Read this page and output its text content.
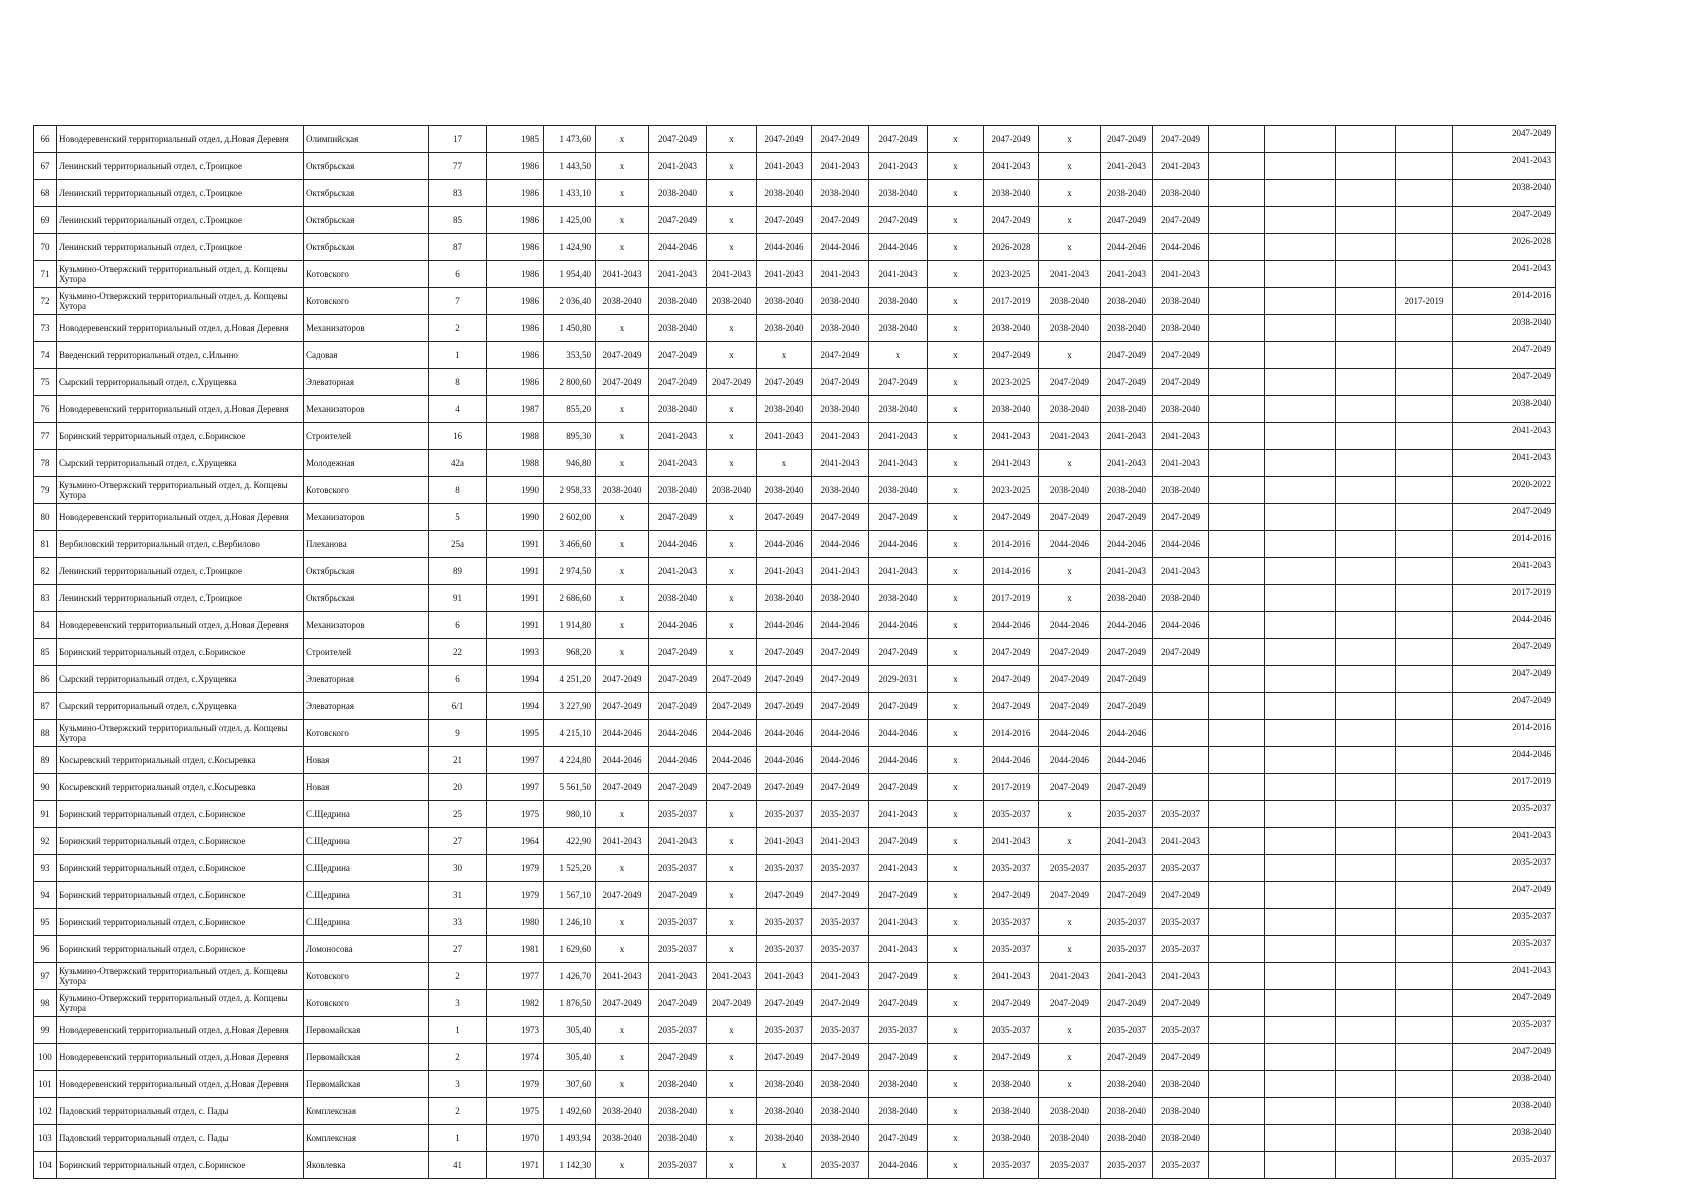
66	Новодеревенский территориальный отдел, д.Новая Деревня	Олимпийская	17	1985	1 473,60	х	2047-2049	х	2047-2049	2047-2049	2047-2049	х	2047-2049	х	2047-2049	2047-2049					2047-2049
67	Ленинский территориальный отдел, с.Троицкое	Октябрьская	77	1986	1 443,50	х	2041-2043	х	2041-2043	2041-2043	2041-2043	х	2041-2043	х	2041-2043	2041-2043					2041-2043
68	Ленинский территориальный отдел, с.Троицкое	Октябрьская	83	1986	1 433,10	х	2038-2040	х	2038-2040	2038-2040	2038-2040	х	2038-2040	х	2038-2040	2038-2040					2038-2040
69	Ленинский территориальный отдел, с.Троицкое	Октябрьская	85	1986	1 425,00	х	2047-2049	х	2047-2049	2047-2049	2047-2049	х	2047-2049	х	2047-2049	2047-2049					2047-2049
70	Ленинский территориальный отдел, с.Троицкое	Октябрьская	87	1986	1 424,90	х	2044-2046	х	2044-2046	2044-2046	2044-2046	х	2026-2028	х	2044-2046	2044-2046					2026-2028
71	Кузьмино-Отвержский территориальный отдел, д. Копцевы Хутора	Котовского	6	1986	1 954,40	2041-2043	2041-2043	2041-2043	2041-2043	2041-2043	2041-2043	х	2023-2025	2041-2043	2041-2043	2041-2043					2041-2043
72	Кузьмино-Отвержский территориальный отдел, д. Копцевы Хутора	Котовского	7	1986	2 036,40	2038-2040	2038-2040	2038-2040	2038-2040	2038-2040	2038-2040	х	2017-2019	2038-2040	2038-2040	2038-2040				2017-2019	2014-2016
73	Новодеревенский территориальный отдел, д.Новая Деревня	Механизаторов	2	1986	1 450,80	х	2038-2040	х	2038-2040	2038-2040	2038-2040	х	2038-2040	2038-2040	2038-2040	2038-2040					2038-2040
74	Введенский территориальный отдел, с.Ильино	Садовая	1	1986	353,50	2047-2049	2047-2049	х	х	2047-2049	х	х	2047-2049	х	2047-2049	2047-2049					2047-2049
75	Сырский территориальный отдел, с.Хрущевка	Элеваторная	8	1986	2 800,60	2047-2049	2047-2049	2047-2049	2047-2049	2047-2049	2047-2049	х	2023-2025	2047-2049	2047-2049	2047-2049					2047-2049
76	Новодеревенский территориальный отдел, д.Новая Деревня	Механизаторов	4	1987	855,20	х	2038-2040	х	2038-2040	2038-2040	2038-2040	х	2038-2040	2038-2040	2038-2040	2038-2040					2038-2040
77	Боринский территориальный отдел, с.Боринское	Строителей	16	1988	895,30	х	2041-2043	х	2041-2043	2041-2043	2041-2043	х	2041-2043	2041-2043	2041-2043	2041-2043					2041-2043
78	Сырский территориальный отдел, с.Хрущевка	Молодежная	42а	1988	946,80	х	2041-2043	х	х	2041-2043	2041-2043	х	2041-2043	х	2041-2043	2041-2043					2041-2043
79	Кузьмино-Отвержский территориальный отдел, д. Копцевы Хутора	Котовского	8	1990	2 958,33	2038-2040	2038-2040	2038-2040	2038-2040	2038-2040	2038-2040	х	2023-2025	2038-2040	2038-2040	2038-2040					2020-2022
80	Новодеревенский территориальный отдел, д.Новая Деревня	Механизаторов	5	1990	2 602,00	х	2047-2049	х	2047-2049	2047-2049	2047-2049	х	2047-2049	2047-2049	2047-2049	2047-2049					2047-2049
81	Вербиловский территориальный отдел, с.Вербилово	Плеханова	25а	1991	3 466,60	х	2044-2046	х	2044-2046	2044-2046	2044-2046	х	2014-2016	2044-2046	2044-2046	2044-2046					2014-2016
82	Ленинский территориальный отдел, с.Троицкое	Октябрьская	89	1991	2 974,50	х	2041-2043	х	2041-2043	2041-2043	2041-2043	х	2014-2016	х	2041-2043	2041-2043					2041-2043
83	Ленинский территориальный отдел, с.Троицкое	Октябрьская	91	1991	2 686,60	х	2038-2040	х	2038-2040	2038-2040	2038-2040	х	2017-2019	х	2038-2040	2038-2040					2017-2019
84	Новодеревенский территориальный отдел, д.Новая Деревня	Механизаторов	6	1991	1 914,80	х	2044-2046	х	2044-2046	2044-2046	2044-2046	х	2044-2046	2044-2046	2044-2046	2044-2046					2044-2046
85	Боринский территориальный отдел, с.Боринское	Строителей	22	1993	968,20	х	2047-2049	х	2047-2049	2047-2049	2047-2049	х	2047-2049	2047-2049	2047-2049	2047-2049					2047-2049
86	Сырский территориальный отдел, с.Хрущевка	Элеваторная	6	1994	4 251,20	2047-2049	2047-2049	2047-2049	2047-2049	2047-2049	2029-2031	х	2047-2049	2047-2049	2047-2049						2047-2049
87	Сырский территориальный отдел, с.Хрущевка	Элеваторная	6/1	1994	3 227,90	2047-2049	2047-2049	2047-2049	2047-2049	2047-2049	2047-2049	х	2047-2049	2047-2049	2047-2049						2047-2049
88	Кузьмино-Отвержский территориальный отдел, д. Копцевы Хутора	Котовского	9	1995	4 215,10	2044-2046	2044-2046	2044-2046	2044-2046	2044-2046	2044-2046	х	2014-2016	2044-2046	2044-2046						2014-2016
89	Косыревский территориальный отдел, с.Косыревка	Новая	21	1997	4 224,80	2044-2046	2044-2046	2044-2046	2044-2046	2044-2046	2044-2046	х	2044-2046	2044-2046	2044-2046						2044-2046
90	Косыревский территориальный отдел, с.Косыревка	Новая	20	1997	5 561,50	2047-2049	2047-2049	2047-2049	2047-2049	2047-2049	2047-2049	х	2017-2019	2047-2049	2047-2049						2017-2019
91	Боринский территориальный отдел, с.Боринское	С.Щедрина	25	1975	980,10	х	2035-2037	х	2035-2037	2035-2037	2041-2043	х	2035-2037	х	2035-2037	2035-2037					2035-2037
92	Боринский территориальный отдел, с.Боринское	С.Щедрина	27	1964	422,90	2041-2043	2041-2043	х	2041-2043	2041-2043	2047-2049	х	2041-2043	х	2041-2043	2041-2043					2041-2043
93	Боринский территориальный отдел, с.Боринское	С.Щедрина	30	1979	1 525,20	х	2035-2037	х	2035-2037	2035-2037	2041-2043	х	2035-2037	2035-2037	2035-2037	2035-2037					2035-2037
94	Боринский территориальный отдел, с.Боринское	С.Щедрина	31	1979	1 567,10	2047-2049	2047-2049	х	2047-2049	2047-2049	2047-2049	х	2047-2049	2047-2049	2047-2049	2047-2049					2047-2049
95	Боринский территориальный отдел, с.Боринское	С.Щедрина	33	1980	1 246,10	х	2035-2037	х	2035-2037	2035-2037	2041-2043	х	2035-2037	х	2035-2037	2035-2037					2035-2037
96	Боринский территориальный отдел, с.Боринское	Ломоносова	27	1981	1 629,60	х	2035-2037	х	2035-2037	2035-2037	2041-2043	х	2035-2037	х	2035-2037	2035-2037					2035-2037
97	Кузьмино-Отвержский территориальный отдел, д. Копцевы Хутора	Котовского	2	1977	1 426,70	2041-2043	2041-2043	2041-2043	2041-2043	2041-2043	2047-2049	х	2041-2043	2041-2043	2041-2043	2041-2043					2041-2043
98	Кузьмино-Отвержский территориальный отдел, д. Копцевы Хутора	Котовского	3	1982	1 876,50	2047-2049	2047-2049	2047-2049	2047-2049	2047-2049	2047-2049	х	2047-2049	2047-2049	2047-2049	2047-2049					2047-2049
99	Новодеревенский территориальный отдел, д.Новая Деревня	Первомайская	1	1973	305,40	х	2035-2037	х	2035-2037	2035-2037	2035-2037	х	2035-2037	х	2035-2037	2035-2037					2035-2037
100	Новодеревенский территориальный отдел, д.Новая Деревня	Первомайская	2	1974	305,40	х	2047-2049	х	2047-2049	2047-2049	2047-2049	х	2047-2049	х	2047-2049	2047-2049					2047-2049
101	Новодеревенский территориальный отдел, д.Новая Деревня	Первомайская	3	1979	307,60	х	2038-2040	х	2038-2040	2038-2040	2038-2040	х	2038-2040	х	2038-2040	2038-2040					2038-2040
102	Падовский территориальный отдел, с. Пады	Комплексная	2	1975	1 492,60	2038-2040	2038-2040	х	2038-2040	2038-2040	2038-2040	х	2038-2040	2038-2040	2038-2040	2038-2040					2038-2040
103	Падовский территориальный отдел, с. Пады	Комплексная	1	1970	1 493,94	2038-2040	2038-2040	х	2038-2040	2038-2040	2047-2049	х	2038-2040	2038-2040	2038-2040	2038-2040					2038-2040
104	Боринский территориальный отдел, с.Боринское	Яковлевка	41	1971	1 142,30	х	2035-2037	х	х	2035-2037	2044-2046	х	2035-2037	2035-2037	2035-2037	2035-2037					2035-2037
